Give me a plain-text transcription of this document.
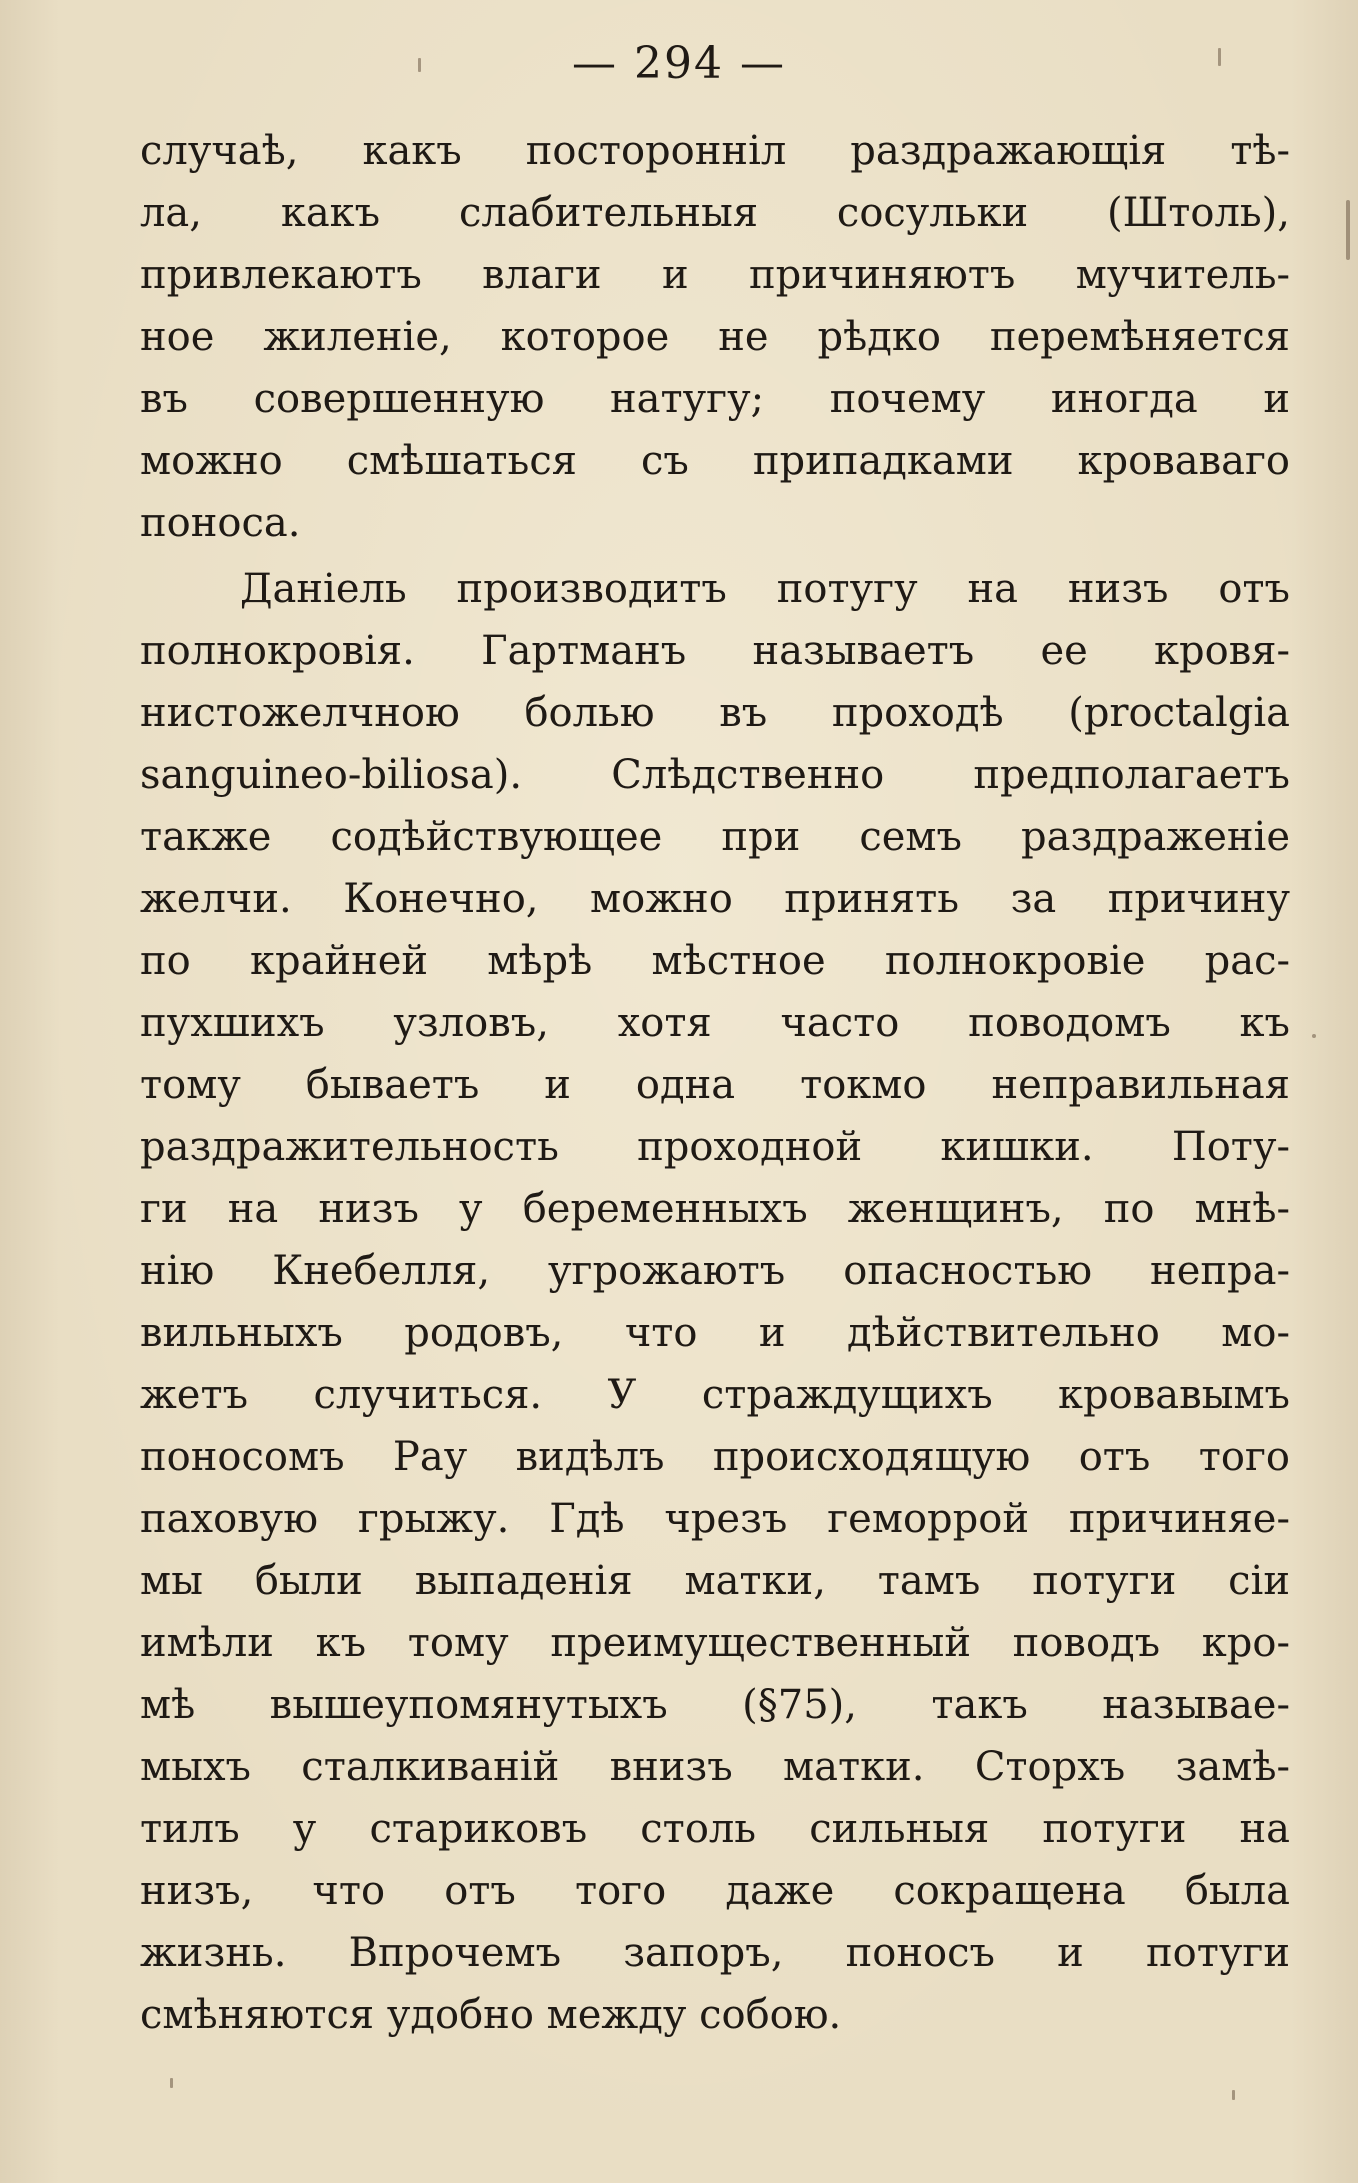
— 294 —

случаѣ, какъ посторонніл раздражающія тѣ-
ла, какъ слабительныя сосульки (Штоль),
привлекаютъ влаги и причиняютъ мучитель-
ное жиленіе, которое не рѣдко перемѣняется
въ совершенную натугу; почему иногда и
можно смѣшаться съ припадками кроваваго
поноса.

Даніель производитъ потугу на низъ отъ
полнокровія. Гартманъ называетъ ее кровя-
нистожелчною болью въ проходѣ (proctalgia
sanguineo-biliosa). Слѣдственно предполагаетъ
также содѣйствующее при семъ раздраженіе
желчи. Конечно, можно принять за причину
по крайней мѣрѣ мѣстное полнокровіе рас-
пухшихъ узловъ, хотя часто поводомъ къ
тому бываетъ и одна токмо неправильная
раздражительность проходной кишки. Поту-
ги на низъ у беременныхъ женщинъ, по мнѣ-
нію Кнебелля, угрожаютъ опасностью непра-
вильныхъ родовъ, что и дѣйствительно мо-
жетъ случиться. У страждущихъ кровавымъ
поносомъ Рау видѣлъ происходящую отъ того
паховую грыжу. Гдѣ чрезъ геморрой причиняе-
мы были выпаденія матки, тамъ потуги сіи
имѣли къ тому преимущественный поводъ кро-
мѣ вышеупомянутыхъ (§75), такъ называе-
мыхъ сталкиваній внизъ матки. Сторхъ замѣ-
тилъ у стариковъ столь сильныя потуги на
низъ, что отъ того даже сокращена была
жизнь. Впрочемъ запоръ, поносъ и потуги
смѣняются удобно между собою.
